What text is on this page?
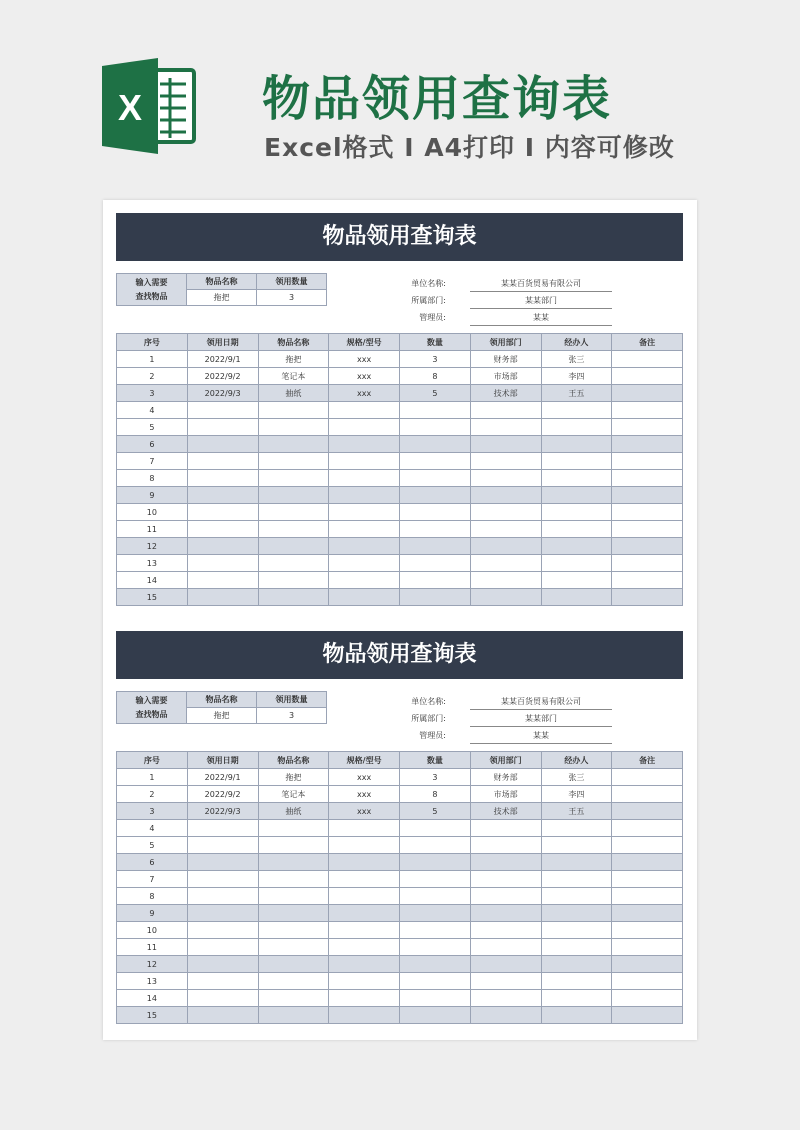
X 物品领用查询表
Excel格式 I A4打印 I 内容可修改
物品领用查询表
输入需要
查找物品	物品名称	领用数量
	拖把	3
单位名称:	某某百货贸易有限公司
所属部门:	某某部门
管理员:	某某
序号	领用日期	物品名称	规格/型号	数量	领用部门	经办人	备注
1	2022/9/1	拖把	xxx	3	财务部	张三	
2	2022/9/2	笔记本	xxx	8	市场部	李四	
3	2022/9/3	抽纸	xxx	5	技术部	王五	
4							
5							
6							
7							
8							
9							
10							
11							
12							
13							
14							
15							
物品领用查询表
输入需要
查找物品	物品名称	领用数量
	拖把	3
单位名称:	某某百货贸易有限公司
所属部门:	某某部门
管理员:	某某
序号	领用日期	物品名称	规格/型号	数量	领用部门	经办人	备注
1	2022/9/1	拖把	xxx	3	财务部	张三	
2	2022/9/2	笔记本	xxx	8	市场部	李四	
3	2022/9/3	抽纸	xxx	5	技术部	王五	
4							
5							
6							
7							
8							
9							
10							
11							
12							
13							
14							
15							
